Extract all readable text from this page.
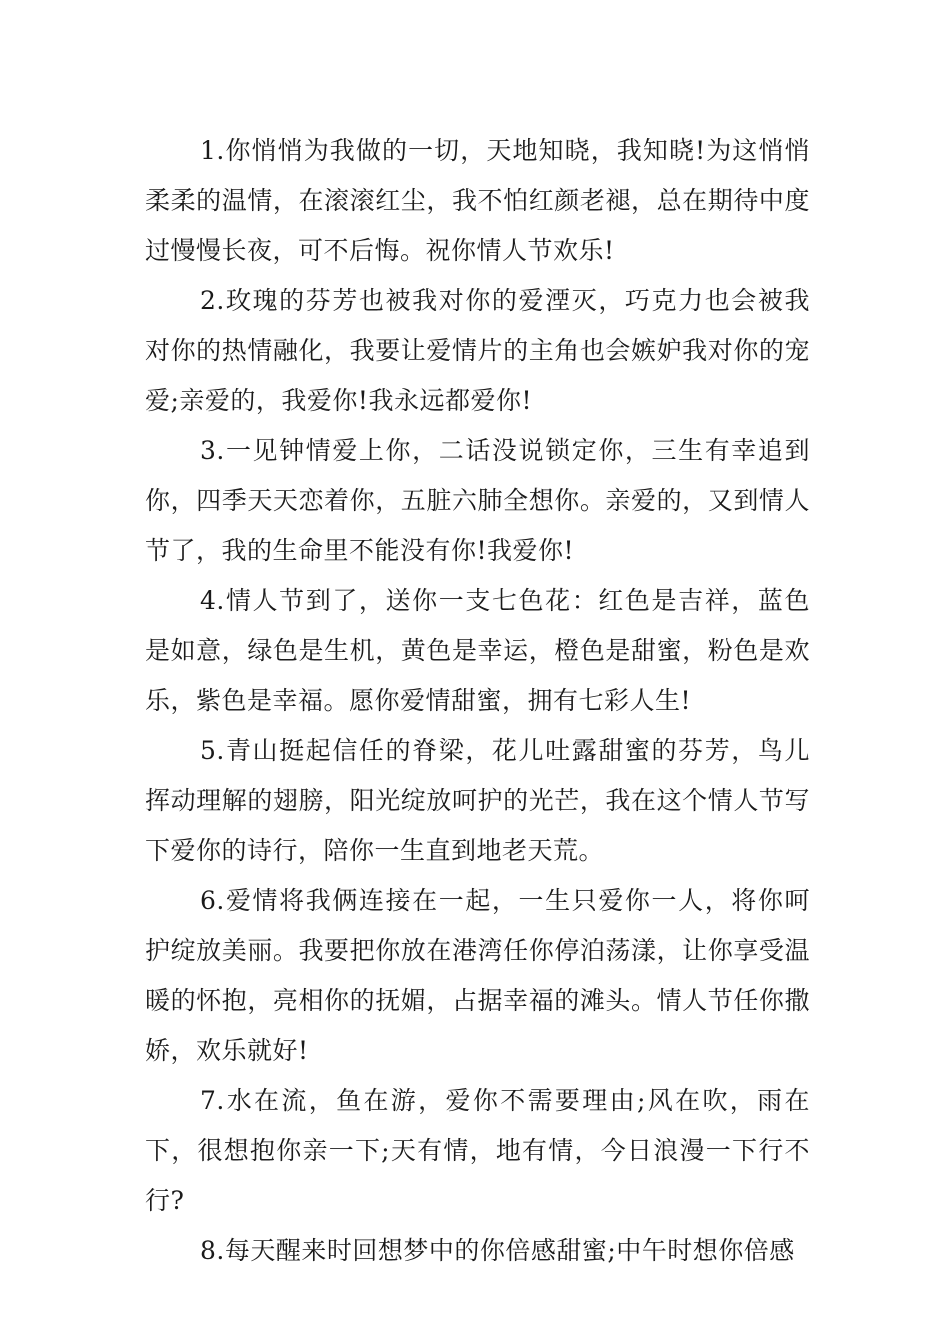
1.你悄悄为我做的一切，天地知晓，我知晓!为这悄悄柔柔的温情，在滚滚红尘，我不怕红颜老褪，总在期待中度过慢慢长夜，可不后悔。祝你情人节欢乐!

2.玫瑰的芬芳也被我对你的爱湮灭，巧克力也会被我对你的热情融化，我要让爱情片的主角也会嫉妒我对你的宠爱;亲爱的，我爱你!我永远都爱你!

3.一见钟情爱上你，二话没说锁定你，三生有幸追到你，四季天天恋着你，五脏六肺全想你。亲爱的，又到情人节了，我的生命里不能没有你!我爱你!

4.情人节到了，送你一支七色花：红色是吉祥，蓝色是如意，绿色是生机，黄色是幸运，橙色是甜蜜，粉色是欢乐，紫色是幸福。愿你爱情甜蜜，拥有七彩人生!

5.青山挺起信任的脊梁，花儿吐露甜蜜的芬芳，鸟儿挥动理解的翅膀，阳光绽放呵护的光芒，我在这个情人节写下爱你的诗行，陪你一生直到地老天荒。

6.爱情将我俩连接在一起，一生只爱你一人，将你呵护绽放美丽。我要把你放在港湾任你停泊荡漾，让你享受温暖的怀抱，亮相你的抚媚，占据幸福的滩头。情人节任你撒娇，欢乐就好!

7.水在流，鱼在游，爱你不需要理由;风在吹，雨在下，很想抱你亲一下;天有情，地有情，今日浪漫一下行不行?

8.每天醒来时回想梦中的你倍感甜蜜;中午时想你倍感
